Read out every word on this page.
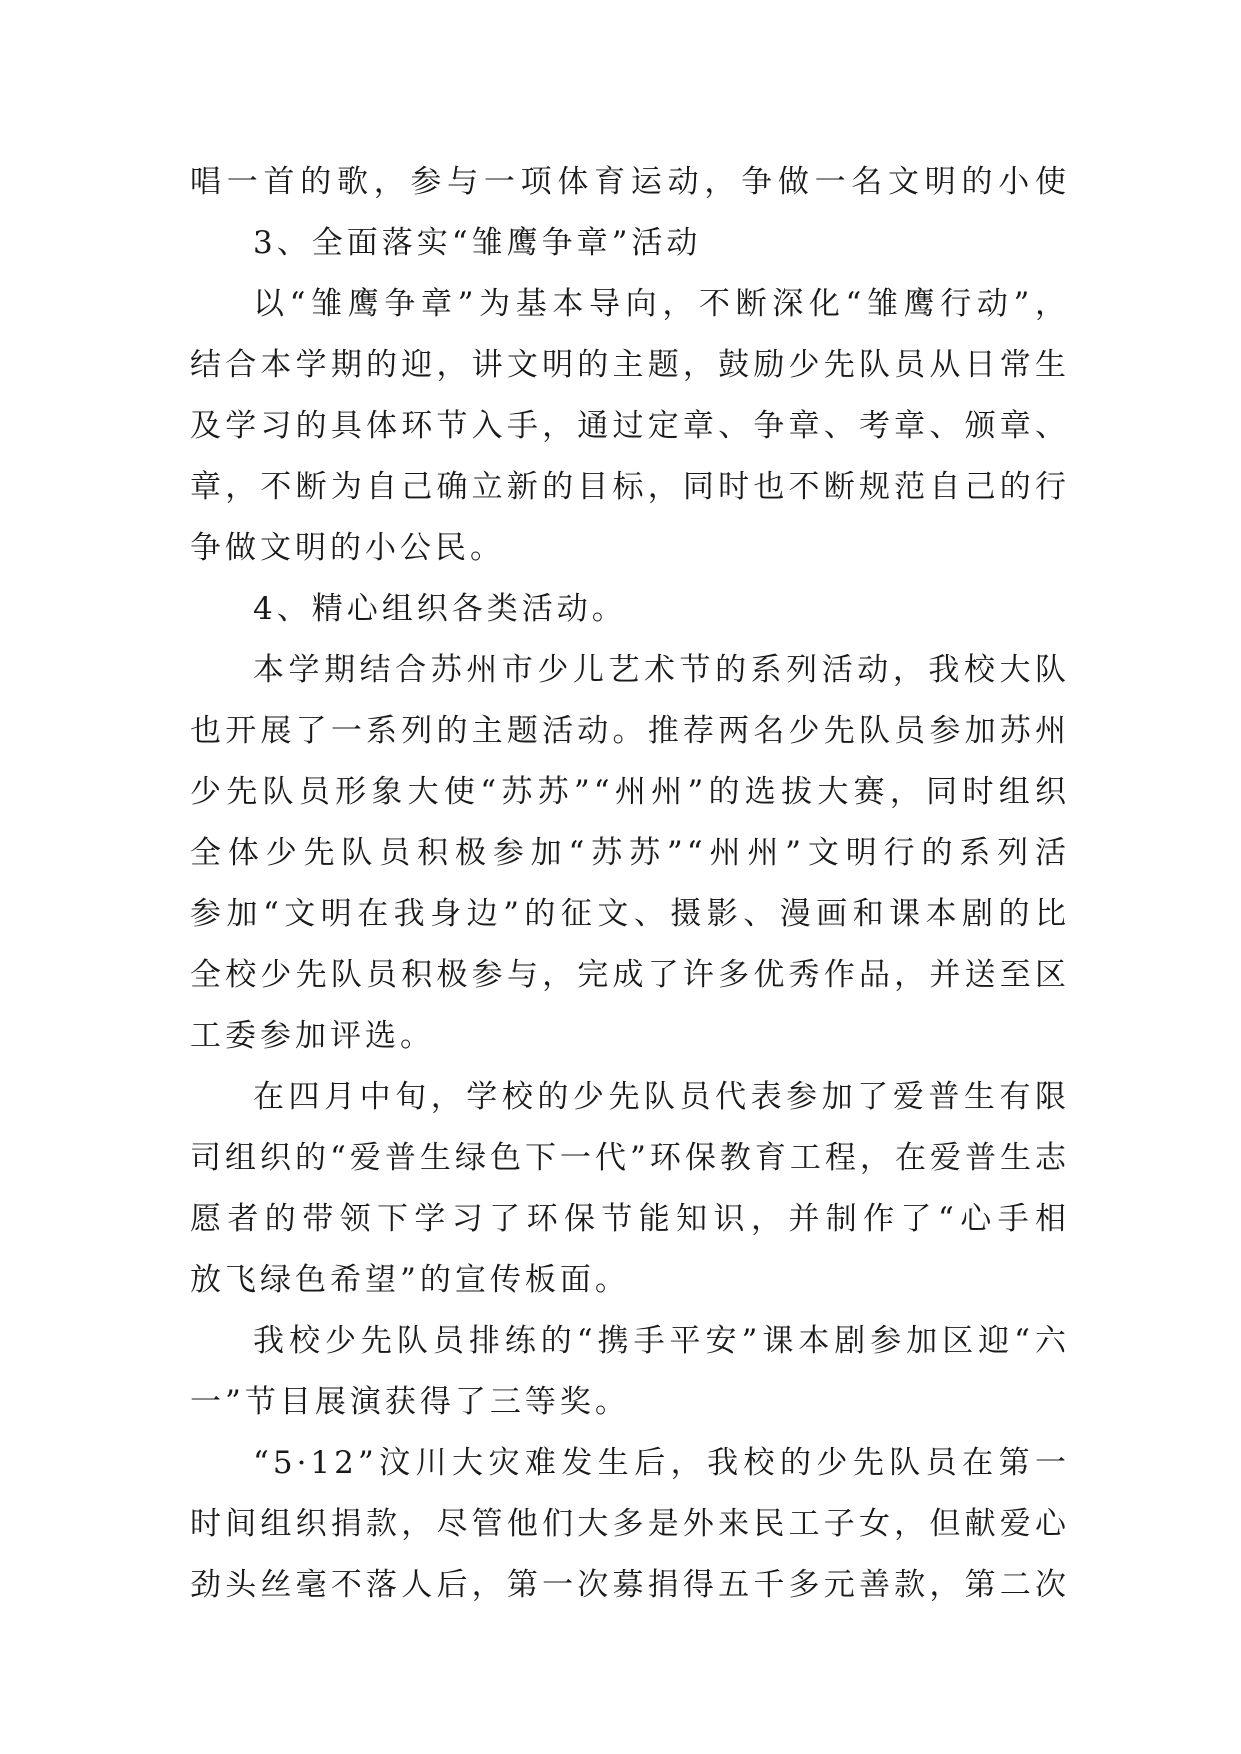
唱一首的歌，参与一项体育运动，争做一名文明的小使
3、全面落实“雏鹰争章”活动
以“雏鹰争章”为基本导向，不断深化“雏鹰行动”，
结合本学期的迎，讲文明的主题，鼓励少先队员从日常生
及学习的具体环节入手，通过定章、争章、考章、颁章、
章，不断为自己确立新的目标，同时也不断规范自己的行
争做文明的小公民。
4、精心组织各类活动。
本学期结合苏州市少儿艺术节的系列活动，我校大队
也开展了一系列的主题活动。推荐两名少先队员参加苏州
少先队员形象大使“苏苏”“州州”的选拔大赛，同时组织
全体少先队员积极参加“苏苏”“州州”文明行的系列活
参加“文明在我身边”的征文、摄影、漫画和课本剧的比
全校少先队员积极参与，完成了许多优秀作品，并送至区
工委参加评选。
在四月中旬，学校的少先队员代表参加了爱普生有限
司组织的“爱普生绿色下一代”环保教育工程，在爱普生志
愿者的带领下学习了环保节能知识，并制作了“心手相
放飞绿色希望”的宣传板面。
我校少先队员排练的“携手平安”课本剧参加区迎“六
一”节目展演获得了三等奖。
“5·12”汶川大灾难发生后，我校的少先队员在第一
时间组织捐款，尽管他们大多是外来民工子女，但献爱心
劲头丝毫不落人后，第一次募捐得五千多元善款，第二次
